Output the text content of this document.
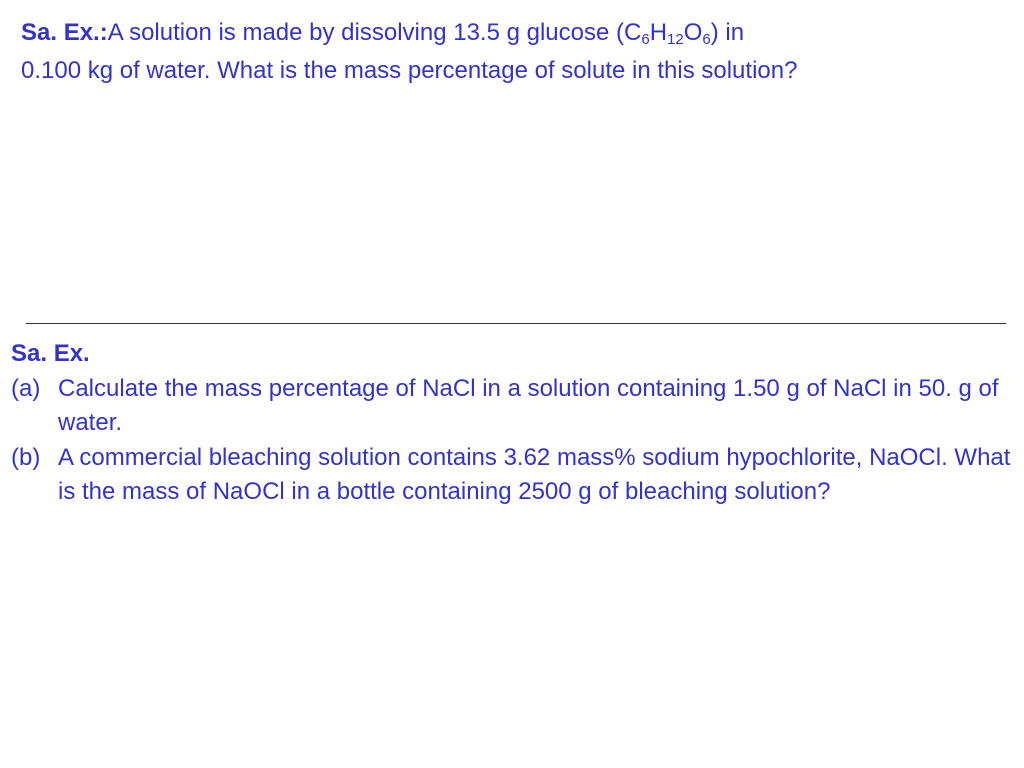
Sa. Ex.:A solution is made by dissolving 13.5 g glucose $(C_6H_{12}O_6)$ in
0.100 kg of water. What is the mass percentage of solute in this solution?
Sa. Ex.
(a) Calculate the mass percentage of NaCl in a solution containing 1.50 g of NaCl in 50. g of water.
(b) A commercial bleaching solution contains 3.62 mass% sodium hypochlorite, NaOCl. What is the mass of NaOCl in a bottle containing 2500 g of bleaching solution?
